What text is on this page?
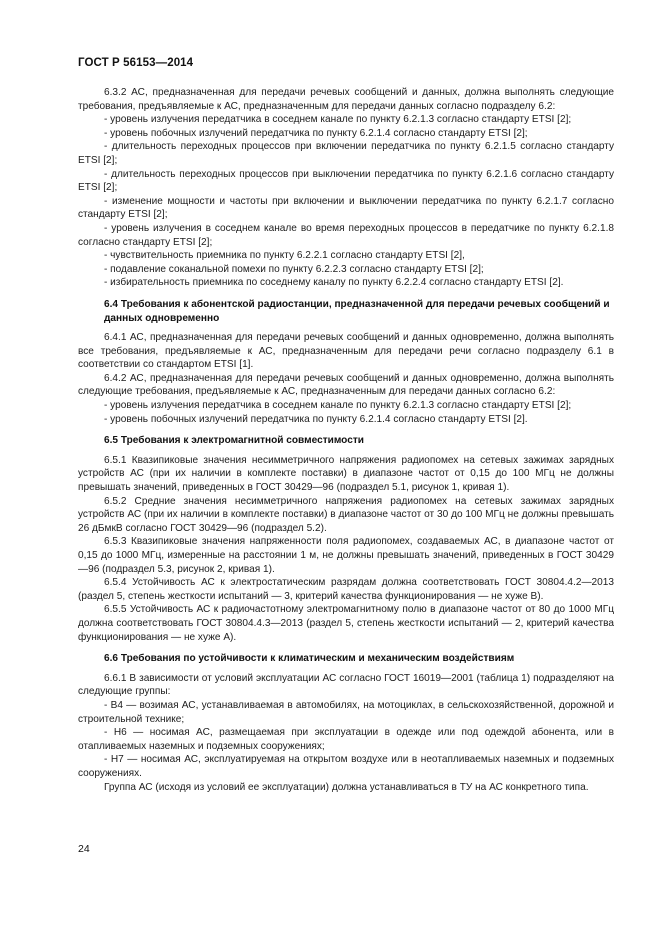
ГОСТ Р 56153—2014

6.3.2 АС, предназначенная для передачи речевых сообщений и данных, должна выполнять следующие требования, предъявляемые к АС, предназначенным для передачи данных согласно подразделу 6.2:

- уровень излучения передатчика в соседнем канале по пункту 6.2.1.3 согласно стандарту ETSI [2];

- уровень побочных излучений передатчика по пункту 6.2.1.4 согласно стандарту ETSI [2];

- длительность переходных процессов при включении передатчика по пункту 6.2.1.5 согласно стандарту ETSI [2];

- длительность переходных процессов при выключении передатчика по пункту 6.2.1.6 согласно стандарту ETSI [2];

- изменение мощности и частоты при включении и выключении передатчика по пункту 6.2.1.7 согласно стандарту ETSI [2];

- уровень излучения в соседнем канале во время переходных процессов в передатчике по пункту 6.2.1.8 согласно стандарту ETSI [2];

- чувствительность приемника по пункту 6.2.2.1 согласно стандарту ETSI [2],

- подавление соканальной помехи по пункту 6.2.2.3 согласно стандарту ETSI [2];

- избирательность приемника по соседнему каналу по пункту 6.2.2.4 согласно стандарту ETSI [2].

6.4 Требования к абонентской радиостанции, предназначенной для передачи речевых сообщений и данных одновременно

6.4.1 АС, предназначенная для передачи речевых сообщений и данных одновременно, должна выполнять все требования, предъявляемые к АС, предназначенным для передачи речи согласно подразделу 6.1 в соответствии со стандартом ETSI [1].

6.4.2 АС, предназначенная для передачи речевых сообщений и данных одновременно, должна выполнять следующие требования, предъявляемые к АС, предназначенным для передачи данных согласно 6.2:

- уровень излучения передатчика в соседнем канале по пункту 6.2.1.3 согласно стандарту ETSI [2];

- уровень побочных излучений передатчика по пункту 6.2.1.4 согласно стандарту ETSI [2].

6.5 Требования к электромагнитной совместимости

6.5.1 Квазипиковые значения несимметричного напряжения радиопомех на сетевых зажимах зарядных устройств АС (при их наличии в комплекте поставки) в диапазоне частот от 0,15 до 100 МГц не должны превышать значений, приведенных в ГОСТ 30429—96 (подраздел 5.1, рисунок 1, кривая 1).

6.5.2 Средние значения несимметричного напряжения радиопомех на сетевых зажимах зарядных устройств АС (при их наличии в комплекте поставки) в диапазоне частот от 30 до 100 МГц не должны превышать 26 дБмкВ согласно ГОСТ 30429—96 (подраздел 5.2).

6.5.3 Квазипиковые значения напряженности поля радиопомех, создаваемых АС, в диапазоне частот от 0,15 до 1000 МГц, измеренные на расстоянии 1 м, не должны превышать значений, приведенных в ГОСТ 30429—96 (подраздел 5.3, рисунок 2, кривая 1).

6.5.4 Устойчивость АС к электростатическим разрядам должна соответствовать ГОСТ 30804.4.2—2013 (раздел 5, степень жесткости испытаний — 3, критерий качества функционирования — не хуже В).

6.5.5 Устойчивость АС к радиочастотному электромагнитному полю в диапазоне частот от 80 до 1000 МГц должна соответствовать ГОСТ 30804.4.3—2013 (раздел 5, степень жесткости испытаний — 2, критерий качества функционирования — не хуже А).

6.6 Требования по устойчивости к климатическим и механическим воздействиям

6.6.1 В зависимости от условий эксплуатации АС согласно ГОСТ 16019—2001 (таблица 1) подразделяют на следующие группы:

- В4 — возимая АС, устанавливаемая в автомобилях, на мотоциклах, в сельскохозяйственной, дорожной и строительной технике;

- Н6 — носимая АС, размещаемая при эксплуатации в одежде или под одеждой абонента, или в отапливаемых наземных и подземных сооружениях;

- Н7 — носимая АС, эксплуатируемая на открытом воздухе или в неотапливаемых наземных и подземных сооружениях.

Группа АС (исходя из условий ее эксплуатации) должна устанавливаться в ТУ на АС конкретного типа.

24
